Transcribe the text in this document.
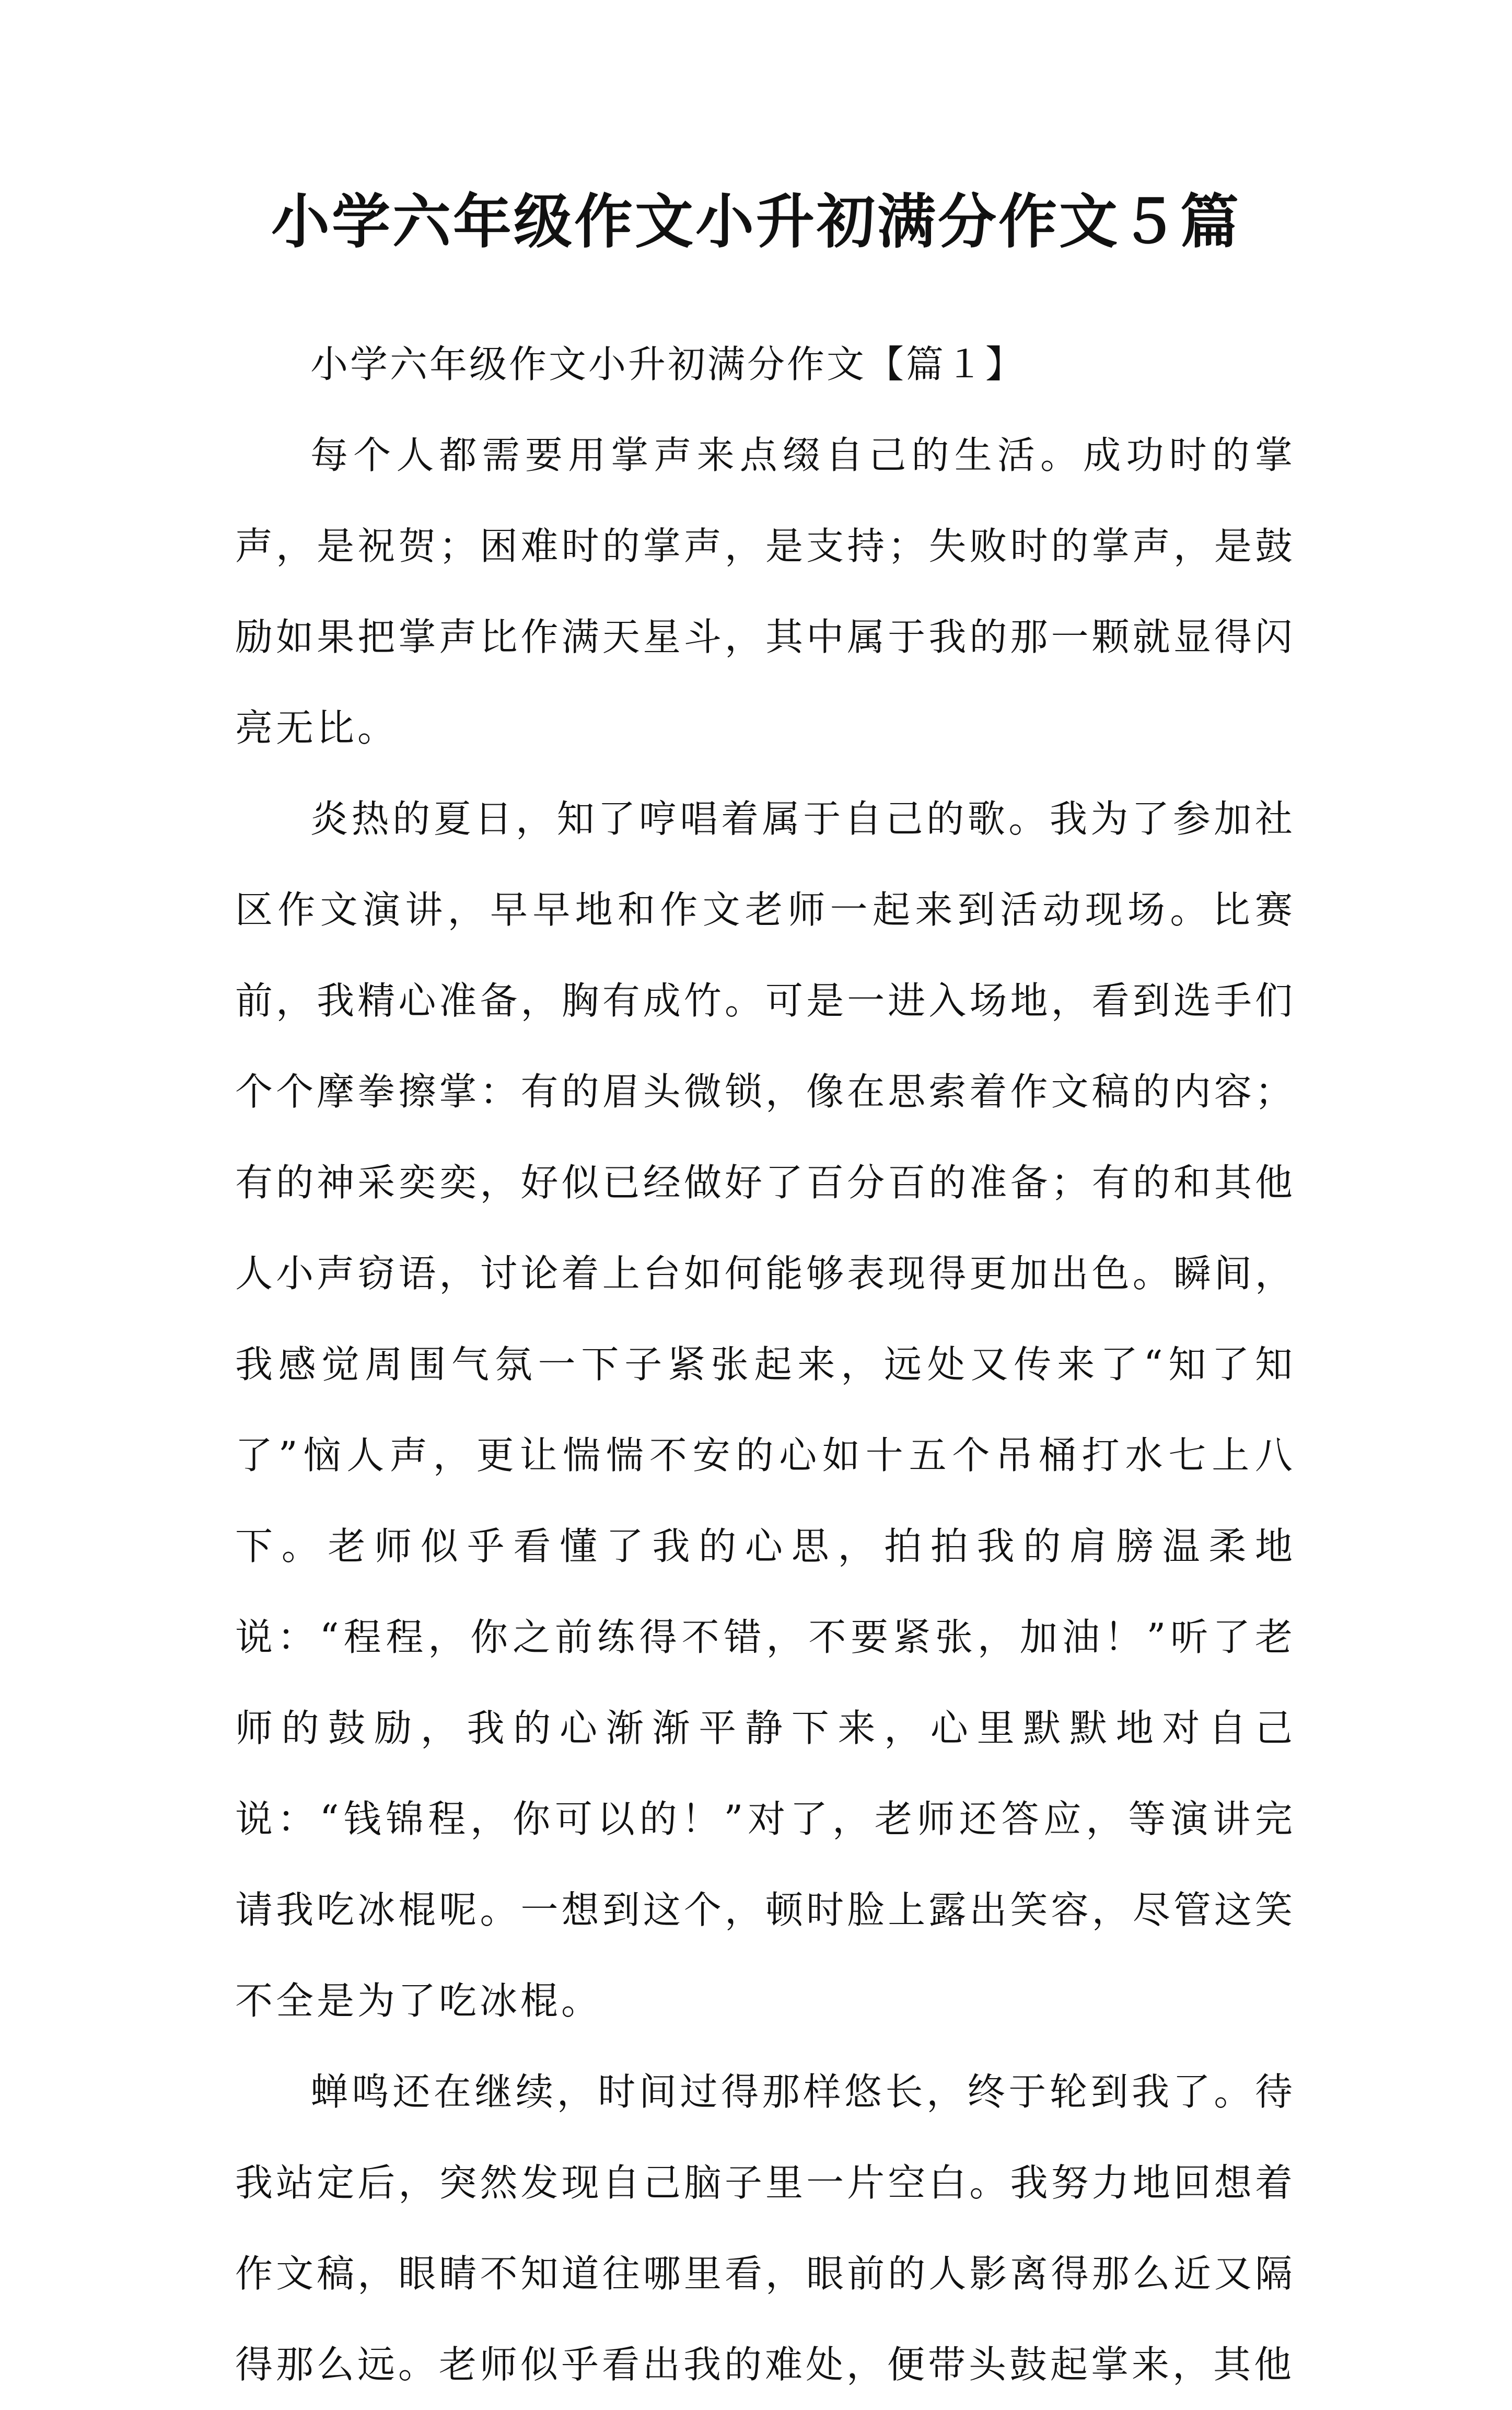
小学六年级作文小升初满分作文５篇

小学六年级作文小升初满分作文【篇１】

每个人都需要用掌声来点缀自己的生活。成功时的掌声，是祝贺；困难时的掌声，是支持；失败时的掌声，是鼓励如果把掌声比作满天星斗，其中属于我的那一颗就显得闪亮无比。

炎热的夏日，知了哼唱着属于自己的歌。我为了参加社区作文演讲，早早地和作文老师一起来到活动现场。比赛前，我精心准备，胸有成竹。可是一进入场地，看到选手们个个摩拳擦掌：有的眉头微锁，像在思索着作文稿的内容；有的神采奕奕，好似已经做好了百分百的准备；有的和其他人小声窃语，讨论着上台如何能够表现得更加出色。瞬间，我感觉周围气氛一下子紧张起来，远处又传来了“知了知了”恼人声，更让惴惴不安的心如十五个吊桶打水七上八下。老师似乎看懂了我的心思，拍拍我的肩膀温柔地说：“程程，你之前练得不错，不要紧张，加油！”听了老师的鼓励，我的心渐渐平静下来，心里默默地对自己说：“钱锦程，你可以的！”对了，老师还答应，等演讲完请我吃冰棍呢。一想到这个，顿时脸上露出笑容，尽管这笑不全是为了吃冰棍。

蝉鸣还在继续，时间过得那样悠长，终于轮到我了。待我站定后，突然发现自己脑子里一片空白。我努力地回想着作文稿，眼睛不知道往哪里看，眼前的人影离得那么近又隔得那么远。老师似乎看出我的难处，便带头鼓起掌来，其他
